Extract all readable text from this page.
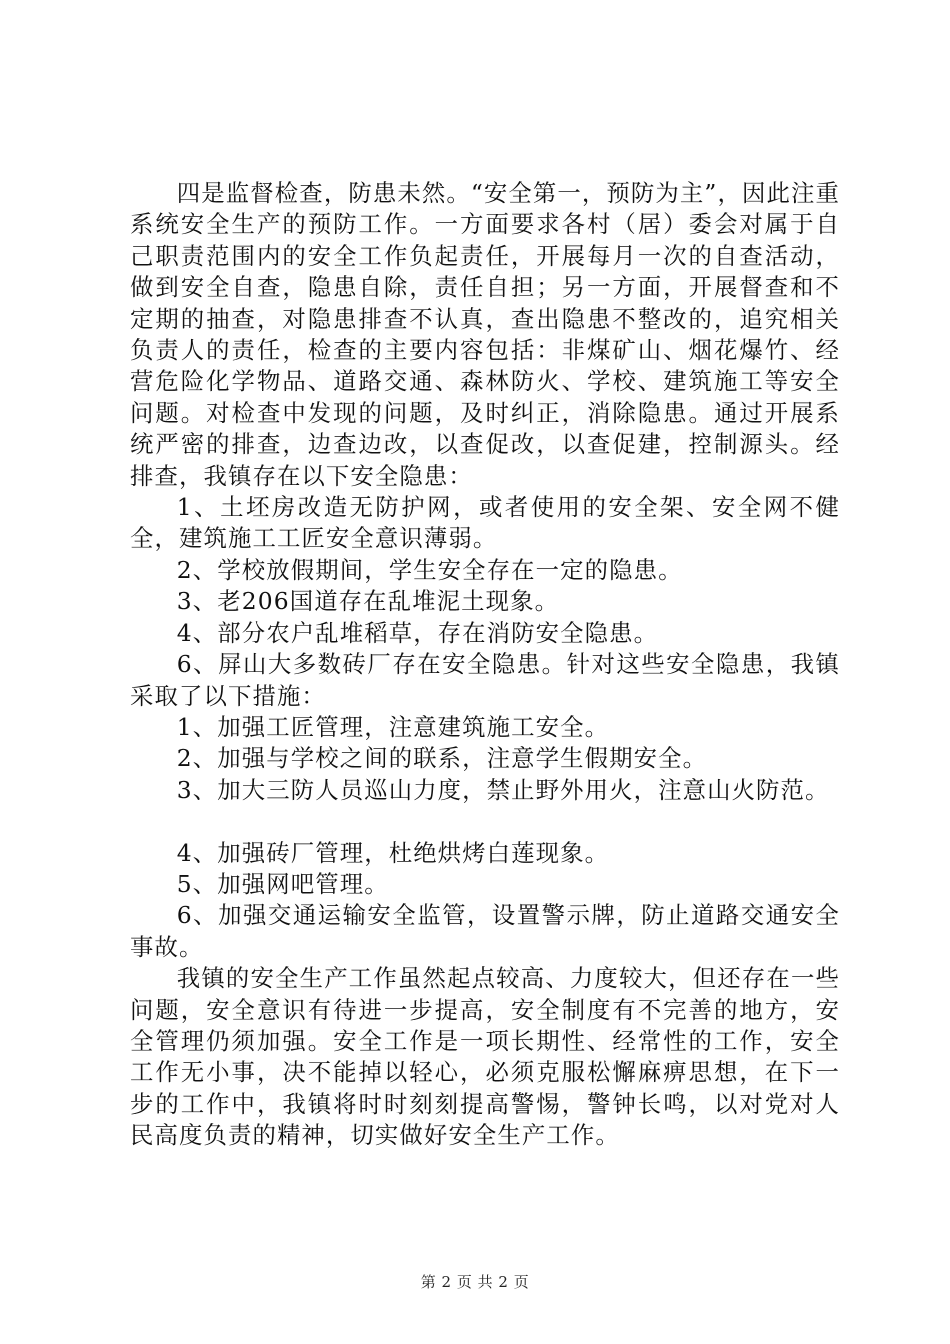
四是监督检查，防患未然。“安全第一，预防为主”，因此注重系统安全生产的预防工作。一方面要求各村（居）委会对属于自己职责范围内的安全工作负起责任，开展每月一次的自查活动，做到安全自查，隐患自除，责任自担；另一方面，开展督查和不定期的抽查，对隐患排查不认真，查出隐患不整改的，追究相关负责人的责任，检查的主要内容包括：非煤矿山、烟花爆竹、经营危险化学物品、道路交通、森林防火、学校、建筑施工等安全问题。对检查中发现的问题，及时纠正，消除隐患。通过开展系统严密的排查，边查边改，以查促改，以查促建，控制源头。经排查，我镇存在以下安全隐患：

1、土坯房改造无防护网，或者使用的安全架、安全网不健全，建筑施工工匠安全意识薄弱。

2、学校放假期间，学生安全存在一定的隐患。

3、老206国道存在乱堆泥土现象。

4、部分农户乱堆稻草，存在消防安全隐患。

6、屏山大多数砖厂存在安全隐患。针对这些安全隐患，我镇采取了以下措施：

1、加强工匠管理，注意建筑施工安全。

2、加强与学校之间的联系，注意学生假期安全。

3、加大三防人员巡山力度，禁止野外用火，注意山火防范。

4、加强砖厂管理，杜绝烘烤白莲现象。

5、加强网吧管理。

6、加强交通运输安全监管，设置警示牌，防止道路交通安全事故。

我镇的安全生产工作虽然起点较高、力度较大，但还存在一些问题，安全意识有待进一步提高，安全制度有不完善的地方，安全管理仍须加强。安全工作是一项长期性、经常性的工作，安全工作无小事，决不能掉以轻心，必须克服松懈麻痹思想，在下一步的工作中，我镇将时时刻刻提高警惕，警钟长鸣，以对党对人民高度负责的精神，切实做好安全生产工作。

第 2 页 共 2 页
